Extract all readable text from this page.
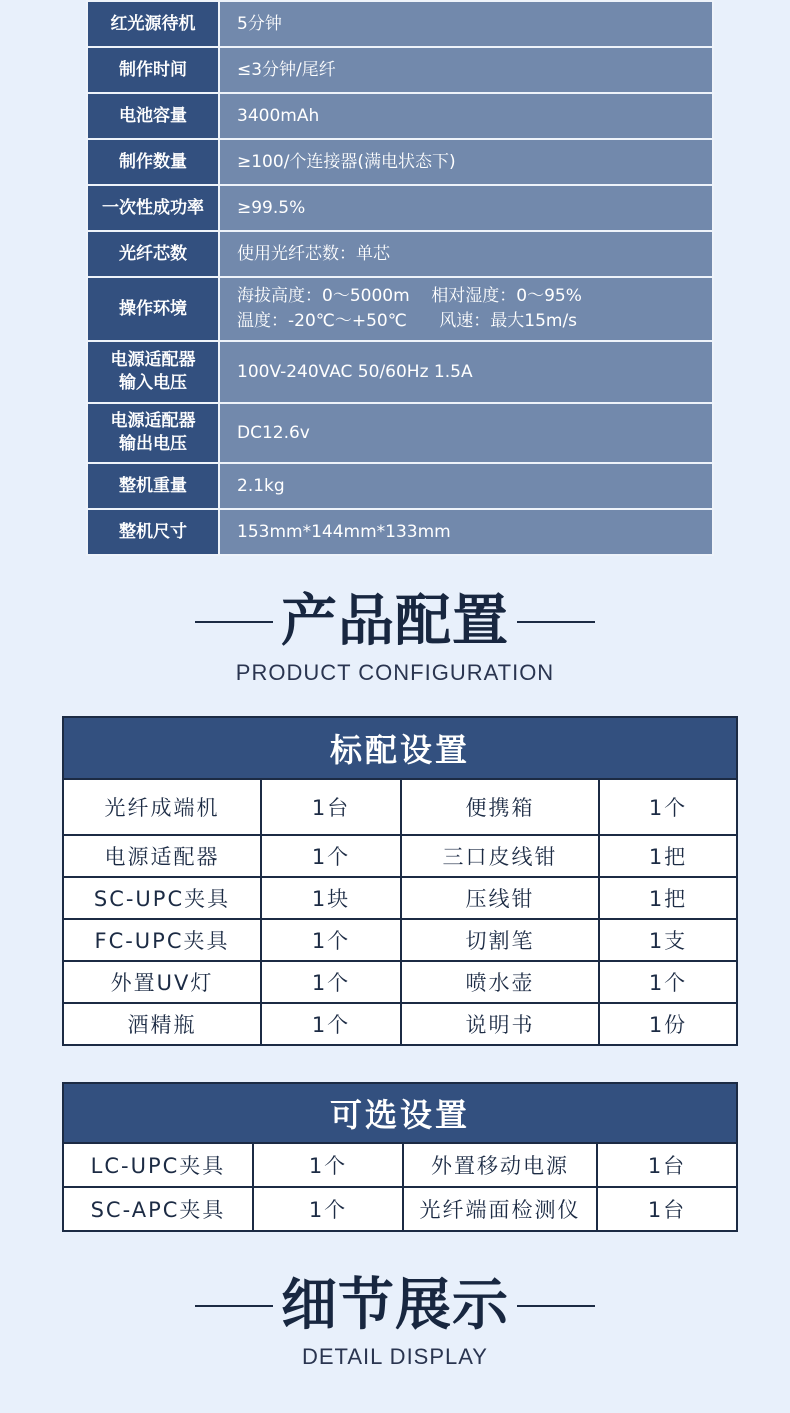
红光源待机	5分钟

制作时间	≤3分钟/尾纤

电池容量	3400mAh

制作数量	≥100/个连接器(满电状态下)

一次性成功率	≥99.5%

光纤芯数	使用光纤芯数：单芯

操作环境	海拔高度：0～5000m    相对湿度：0～95%
温度：-20℃～+50℃      风速：最大15m/s

电源适配器
输入电压	100V-240VAC 50/60Hz 1.5A

电源适配器
输出电压	DC12.6v

整机重量	2.1kg

整机尺寸	153mm*144mm*133mm
产品配置
PRODUCT CONFIGURATION
标配设置			
光纤成端机	1台	便携箱	1个
电源适配器	1个	三口皮线钳	1把
SC-UPC夹具	1块	压线钳	1把
FC-UPC夹具	1个	切割笔	1支
外置UV灯	1个	喷水壶	1个
酒精瓶	1个	说明书	1份
可选设置			
LC-UPC夹具	1个	外置移动电源	1台
SC-APC夹具	1个	光纤端面检测仪	1台
细节展示
DETAIL DISPLAY
